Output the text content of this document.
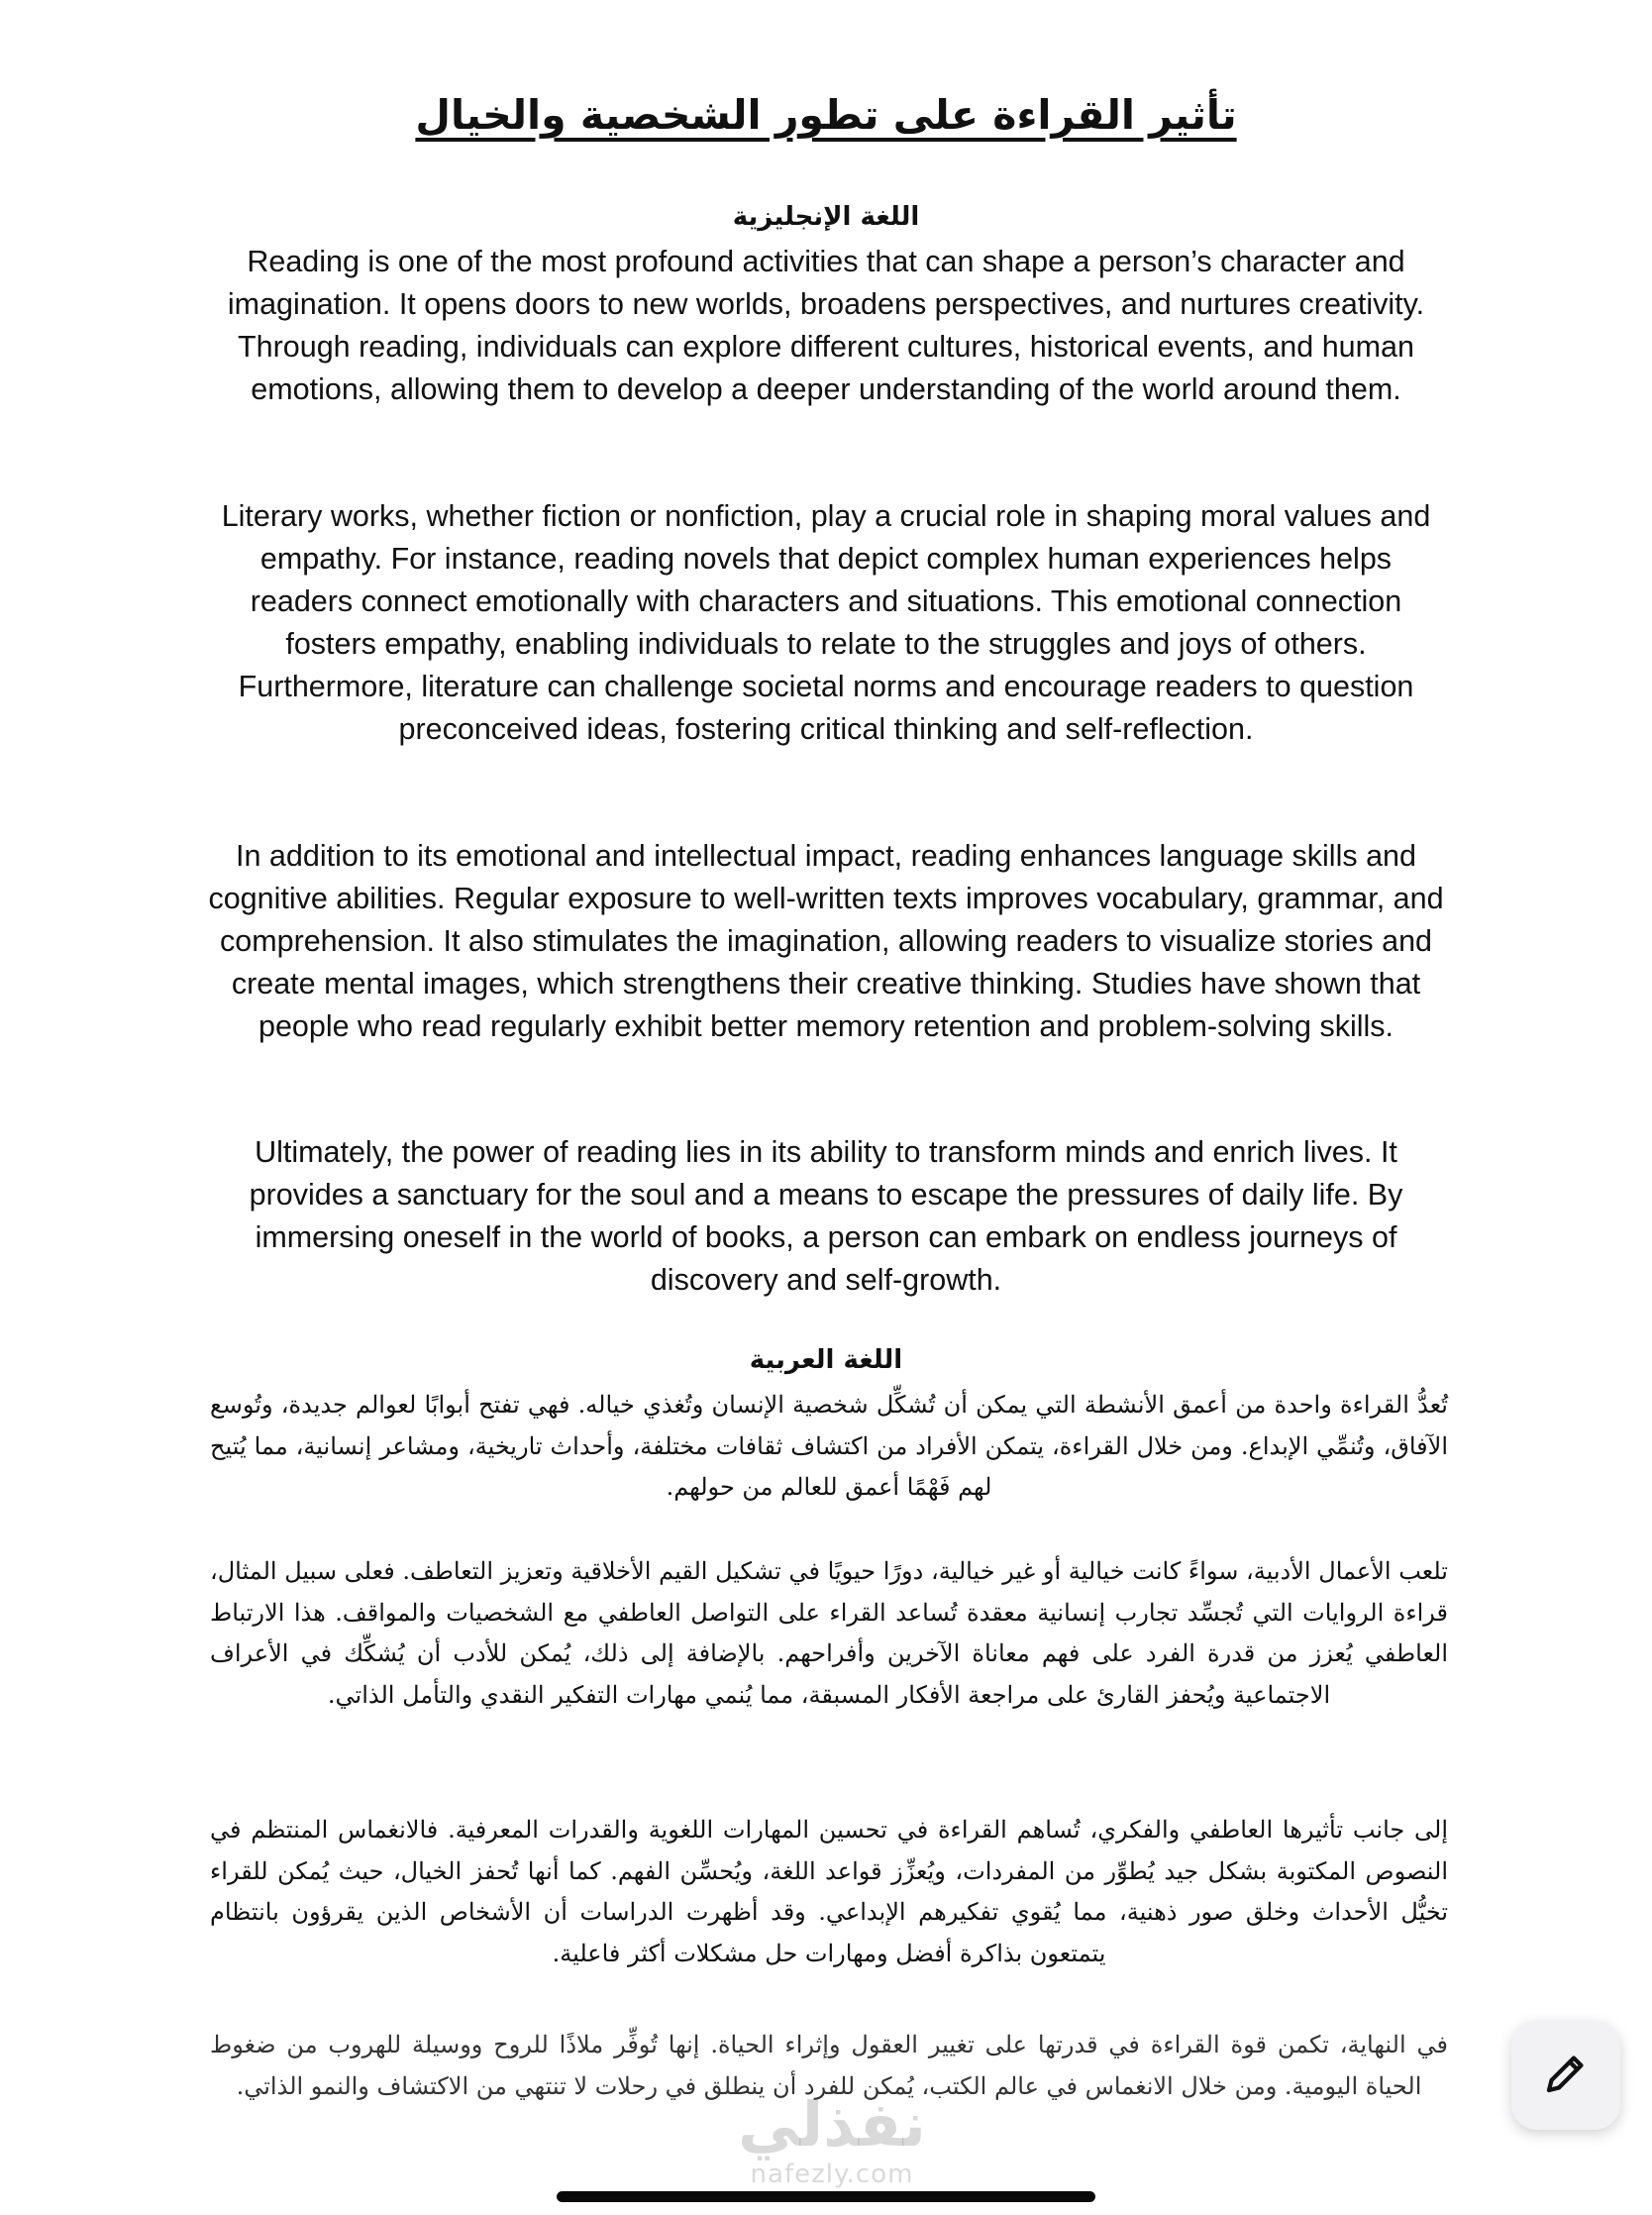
تأثير القراءة على تطور الشخصية والخيال
اللغة الإنجليزية

Reading is one of the most profound activities that can shape a person’s character and imagination. It opens doors to new worlds, broadens perspectives, and nurtures creativity. Through reading, individuals can explore different cultures, historical events, and human emotions, allowing them to develop a deeper understanding of the world around them.

Literary works, whether fiction or nonfiction, play a crucial role in shaping moral values and empathy. For instance, reading novels that depict complex human experiences helps readers connect emotionally with characters and situations. This emotional connection fosters empathy, enabling individuals to relate to the struggles and joys of others. Furthermore, literature can challenge societal norms and encourage readers to question preconceived ideas, fostering critical thinking and self-reflection.

In addition to its emotional and intellectual impact, reading enhances language skills and cognitive abilities. Regular exposure to well-written texts improves vocabulary, grammar, and comprehension. It also stimulates the imagination, allowing readers to visualize stories and create mental images, which strengthens their creative thinking. Studies have shown that people who read regularly exhibit better memory retention and problem-solving skills.

Ultimately, the power of reading lies in its ability to transform minds and enrich lives. It provides a sanctuary for the soul and a means to escape the pressures of daily life. By immersing oneself in the world of books, a person can embark on endless journeys of discovery and self-growth.

اللغة العربية

تُعدُّ القراءة واحدة من أعمق الأنشطة التي يمكن أن تُشكِّل شخصية الإنسان وتُغذي خياله. فهي تفتح أبوابًا لعوالم جديدة، وتُوسع الآفاق، وتُنمِّي الإبداع. ومن خلال القراءة، يتمكن الأفراد من اكتشاف ثقافات مختلفة، وأحداث تاريخية، ومشاعر إنسانية، مما يُتيح لهم فَهْمًا أعمق للعالم من حولهم.

تلعب الأعمال الأدبية، سواءً كانت خيالية أو غير خيالية، دورًا حيويًا في تشكيل القيم الأخلاقية وتعزيز التعاطف. فعلى سبيل المثال، قراءة الروايات التي تُجسِّد تجارب إنسانية معقدة تُساعد القراء على التواصل العاطفي مع الشخصيات والمواقف. هذا الارتباط العاطفي يُعزز من قدرة الفرد على فهم معاناة الآخرين وأفراحهم. بالإضافة إلى ذلك، يُمكن للأدب أن يُشكِّك في الأعراف الاجتماعية ويُحفز القارئ على مراجعة الأفكار المسبقة، مما يُنمي مهارات التفكير النقدي والتأمل الذاتي.

إلى جانب تأثيرها العاطفي والفكري، تُساهم القراءة في تحسين المهارات اللغوية والقدرات المعرفية. فالانغماس المنتظم في النصوص المكتوبة بشكل جيد يُطوِّر من المفردات، ويُعزِّز قواعد اللغة، ويُحسِّن الفهم. كما أنها تُحفز الخيال، حيث يُمكن للقراء تخيُّل الأحداث وخلق صور ذهنية، مما يُقوي تفكيرهم الإبداعي. وقد أظهرت الدراسات أن الأشخاص الذين يقرؤون بانتظام يتمتعون بذاكرة أفضل ومهارات حل مشكلات أكثر فاعلية.

في النهاية، تكمن قوة القراءة في قدرتها على تغيير العقول وإثراء الحياة. إنها تُوفِّر ملاذًا للروح ووسيلة للهروب من ضغوط الحياة اليومية. ومن خلال الانغماس في عالم الكتب، يُمكن للفرد أن ينطلق في رحلات لا تنتهي من الاكتشاف والنمو الذاتي.

نفذلي
nafezly.com
